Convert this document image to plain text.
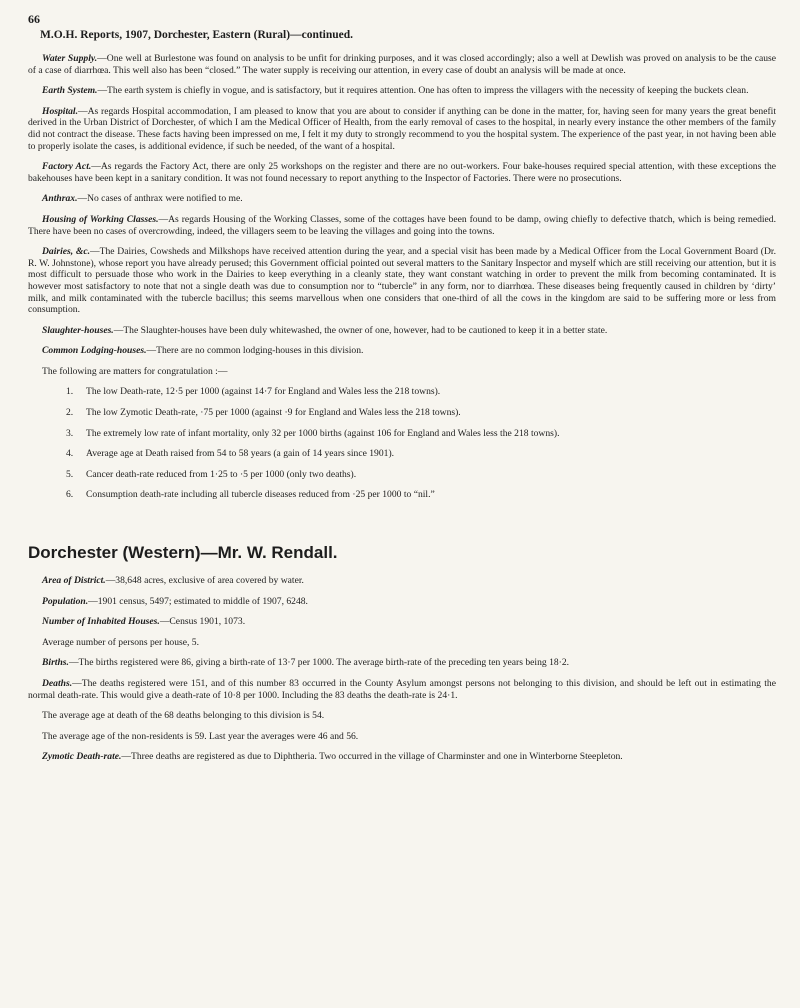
66
M.O.H. Reports, 1907, Dorchester, Eastern (Rural)—continued.

Water Supply.—One well at Burlestone was found on analysis to be unfit for drinking purposes, and it was closed accordingly; also a well at Dewlish was proved on analysis to be the cause of a case of diarrhœa. This well also has been “closed.” The water supply is receiving our attention, in every case of doubt an analysis will be made at once.

Earth System.—The earth system is chiefly in vogue, and is satisfactory, but it requires attention. One has often to impress the villagers with the necessity of keeping the buckets clean.

Hospital.—As regards Hospital accommodation, I am pleased to know that you are about to consider if anything can be done in the matter, for, having seen for many years the great benefit derived in the Urban District of Dorchester, of which I am the Medical Officer of Health, from the early removal of cases to the hospital, in nearly every instance the other members of the family did not contract the disease. These facts having been impressed on me, I felt it my duty to strongly recommend to you the hospital system. The experience of the past year, in not having been able to properly isolate the cases, is additional evidence, if such be needed, of the want of a hospital.

Factory Act.—As regards the Factory Act, there are only 25 workshops on the register and there are no out-workers. Four bake-houses required special attention, with these exceptions the bakehouses have been kept in a sanitary condition. It was not found necessary to report anything to the Inspector of Factories. There were no prosecutions.

Anthrax.—No cases of anthrax were notified to me.

Housing of Working Classes.—As regards Housing of the Working Classes, some of the cottages have been found to be damp, owing chiefly to defective thatch, which is being remedied. There have been no cases of overcrowding, indeed, the villagers seem to be leaving the villages and going into the towns.

Dairies, &c.—The Dairies, Cowsheds and Milkshops have received attention during the year, and a special visit has been made by a Medical Officer from the Local Government Board (Dr. R. W. Johnstone), whose report you have already perused; this Government official pointed out several matters to the Sanitary Inspector and myself which are still receiving our attention, but it is most difficult to persuade those who work in the Dairies to keep everything in a cleanly state, they want constant watching in order to prevent the milk from becoming contaminated. It is however most satisfactory to note that not a single death was due to consumption nor to “tubercle” in any form, nor to diarrhœa. These diseases being frequently caused in children by ‘dirty’ milk, and milk contaminated with the tubercle bacillus; this seems marvellous when one considers that one-third of all the cows in the kingdom are said to be suffering more or less from consumption.

Slaughter-houses.—The Slaughter-houses have been duly whitewashed, the owner of one, however, had to be cautioned to keep it in a better state.

Common Lodging-houses.—There are no common lodging-houses in this division.

The following are matters for congratulation :—

1.	The low Death-rate, 12·5 per 1000 (against 14·7 for England and Wales less the 218 towns).
2.	The low Zymotic Death-rate, ·75 per 1000 (against ·9 for England and Wales less the 218 towns).
3.	The extremely low rate of infant mortality, only 32 per 1000 births (against 106 for England and Wales less the 218 towns).
4.	Average age at Death raised from 54 to 58 years (a gain of 14 years since 1901).
5.	Cancer death-rate reduced from 1·25 to ·5 per 1000 (only two deaths).
6.	Consumption death-rate including all tubercle diseases reduced from ·25 per 1000 to “nil.”
Dorchester (Western)—Mr. W. Rendall.

Area of District.—38,648 acres, exclusive of area covered by water.

Population.—1901 census, 5497; estimated to middle of 1907, 6248.

Number of Inhabited Houses.—Census 1901, 1073.

Average number of persons per house, 5.

Births.—The births registered were 86, giving a birth-rate of 13·7 per 1000. The average birth-rate of the preceding ten years being 18·2.

Deaths.—The deaths registered were 151, and of this number 83 occurred in the County Asylum amongst persons not belonging to this division, and should be left out in estimating the normal death-rate. This would give a death-rate of 10·8 per 1000. Including the 83 deaths the death-rate is 24·1.

The average age at death of the 68 deaths belonging to this division is 54.

The average age of the non-residents is 59. Last year the averages were 46 and 56.

Zymotic Death-rate.—Three deaths are registered as due to Diphtheria. Two occurred in the village of Charminster and one in Winterborne Steepleton.
